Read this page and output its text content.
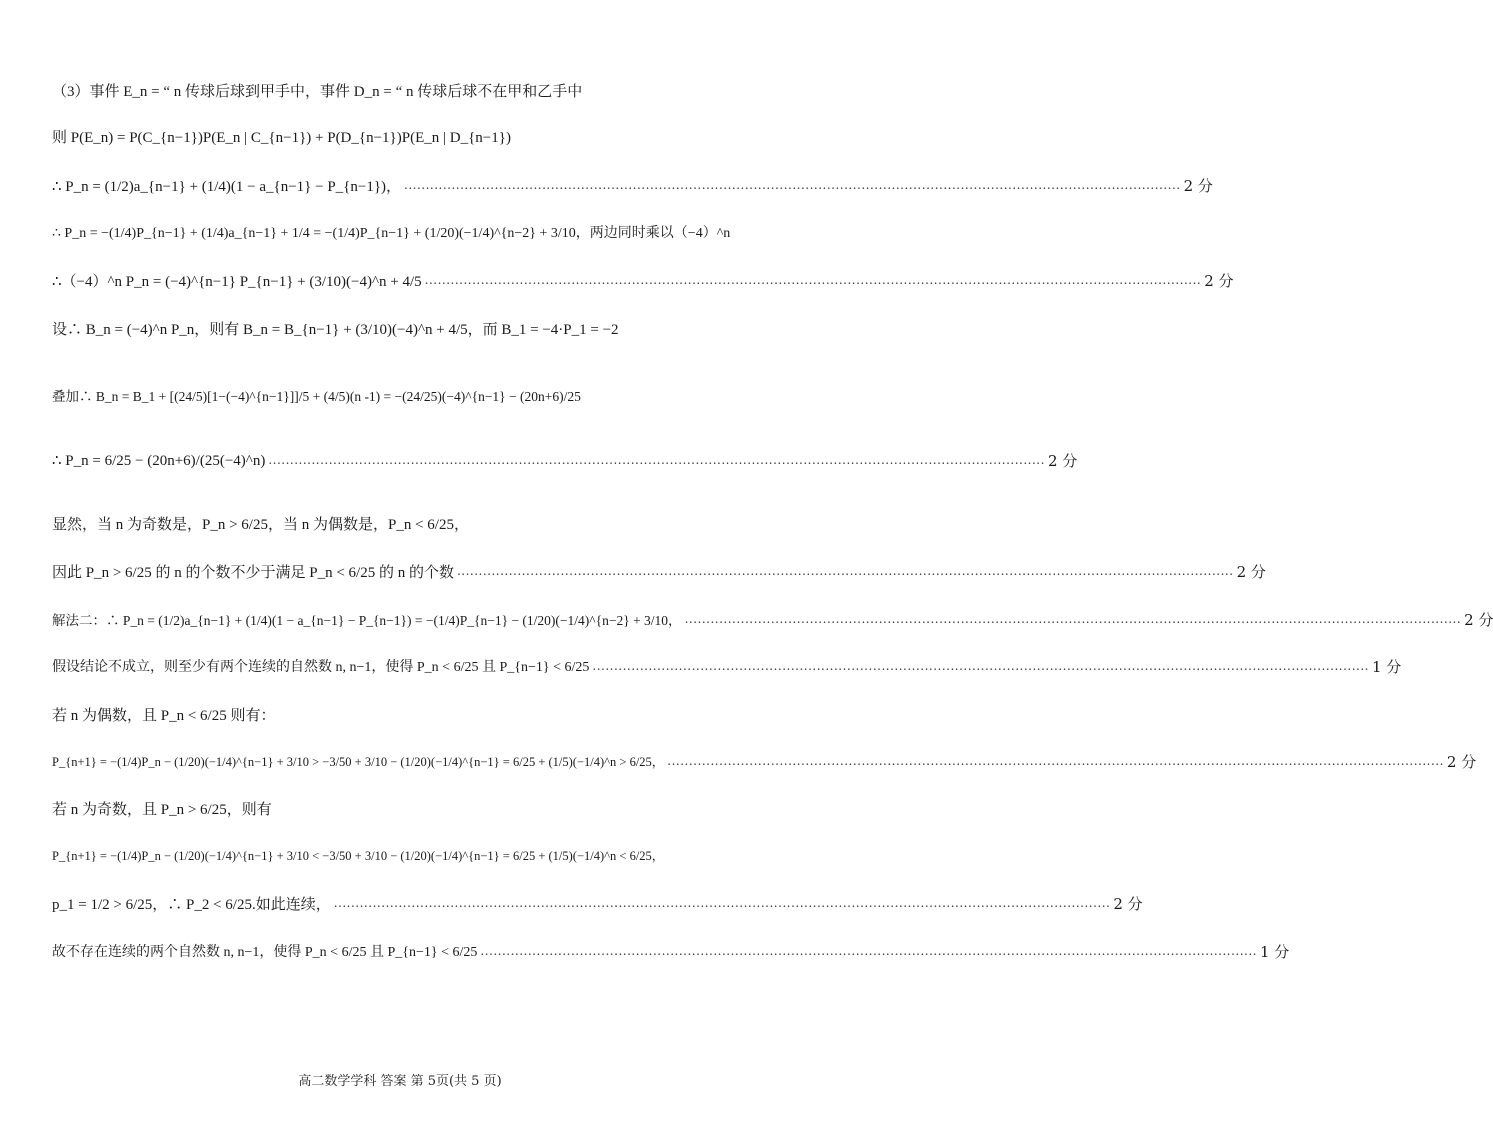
（3）事件 E_n = “ n 传球后球到甲手中，事件 D_n = “ n 传球后球不在甲和乙手中
则 P(E_n) = P(C_{n−1})P(E_n | C_{n−1}) + P(D_{n−1})P(E_n | D_{n−1})
∴ P_n = (1/2)a_{n−1} + (1/4)(1 − a_{n−1} − P_{n−1})， .................................................................................................................................................................................... 2 分
∴ P_n = −(1/4)P_{n−1} + (1/4)a_{n−1} + 1/4 = −(1/4)P_{n−1} + (1/20)(−1/4)^{n−2} + 3/10，两边同时乘以（−4）^n
∴（−4）^n P_n = (−4)^{n−1} P_{n−1} + (3/10)(−4)^n + 4/5 .................................................................................................................................................................................... 2 分
设∴ B_n = (−4)^n P_n，则有 B_n = B_{n−1} + (3/10)(−4)^n + 4/5，而 B_1 = −4·P_1 = −2
叠加∴ B_n = B_1 + [(24/5)[1−(−4)^{n−1}]]/5 + (4/5)(n -1) = −(24/25)(−4)^{n−1} − (20n+6)/25
∴ P_n = 6/25 − (20n+6)/(25(−4)^n) .................................................................................................................................................................................... 2 分
显然，当 n 为奇数是，P_n > 6/25，当 n 为偶数是，P_n < 6/25，
因此 P_n > 6/25 的 n 的个数不少于满足 P_n < 6/25 的 n 的个数 .................................................................................................................................................................................... 2 分
解法二：∴ P_n = (1/2)a_{n−1} + (1/4)(1 − a_{n−1} − P_{n−1}) = −(1/4)P_{n−1} − (1/20)(−1/4)^{n−2} + 3/10， .................................................................................................................................................................................... 2 分
假设结论不成立，则至少有两个连续的自然数 n, n−1，使得 P_n < 6/25 且 P_{n−1} < 6/25 .................................................................................................................................................................................... 1 分
若 n 为偶数，且 P_n < 6/25 则有：
P_{n+1} = −(1/4)P_n − (1/20)(−1/4)^{n−1} + 3/10 > −3/50 + 3/10 − (1/20)(−1/4)^{n−1} = 6/25 + (1/5)(−1/4)^n > 6/25， .................................................................................................................................................................................... 2 分
若 n 为奇数，且 P_n > 6/25，则有
P_{n+1} = −(1/4)P_n − (1/20)(−1/4)^{n−1} + 3/10 < −3/50 + 3/10 − (1/20)(−1/4)^{n−1} = 6/25 + (1/5)(−1/4)^n < 6/25，
p_1 = 1/2 > 6/25，∴ P_2 < 6/25.如此连续， .................................................................................................................................................................................... 2 分
故不存在连续的两个自然数 n, n−1，使得 P_n < 6/25 且 P_{n−1} < 6/25 .................................................................................................................................................................................... 1 分
高二数学学科 答案 第 5页(共 5 页)
